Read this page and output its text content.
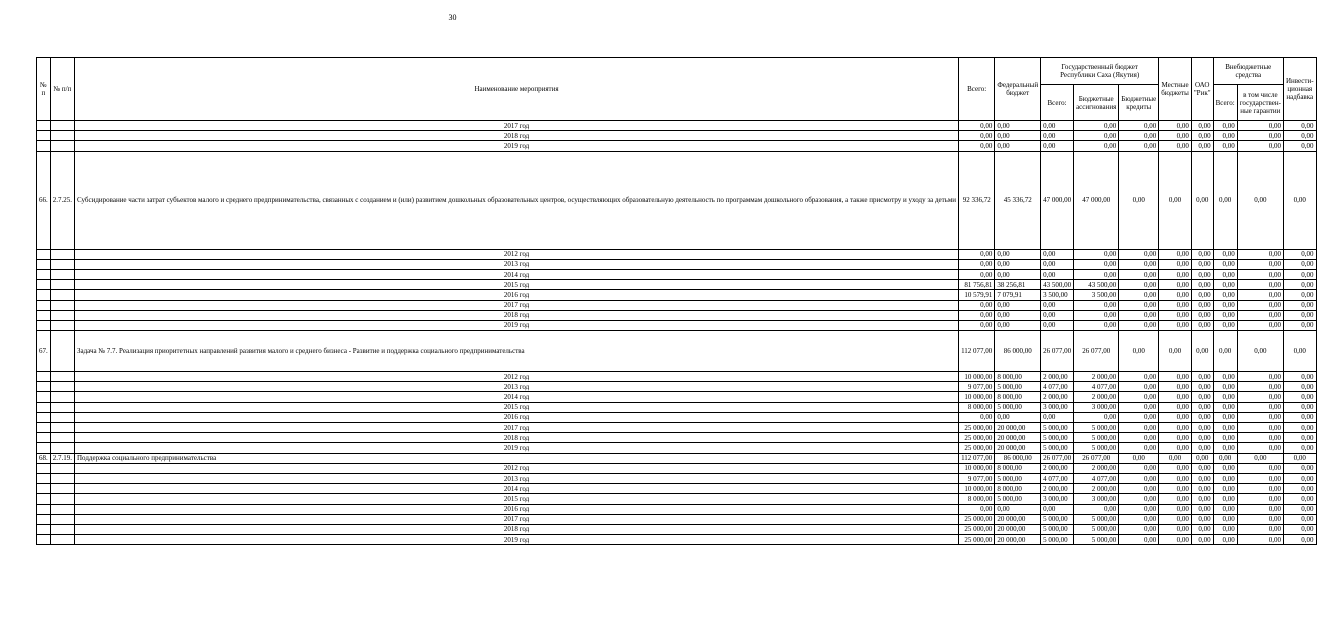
30
№ п	№ п/п	Наименование мероприятия	Всего:	Федеральный бюджет	Государственный бюджет Республики Саха (Якутия)			Местные бюджеты	ОАО "Рик"	Внебюджетные средства		Инвести-ционная надбавка
					Всего:	Бюджетные ассигнования	Бюджетные кредиты			Всего:	в том числе государствен-ные гарантии	
		2017 год	0,00	0,00	0,00	0,00	0,00	0,00	0,00	0,00	0,00	0,00
		2018 год	0,00	0,00	0,00	0,00	0,00	0,00	0,00	0,00	0,00	0,00
		2019 год	0,00	0,00	0,00	0,00	0,00	0,00	0,00	0,00	0,00	0,00
66.	2.7.25.	Субсидирование части затрат субъектов малого и среднего предпринимательства, связанных с созданием и (или) развитием дошкольных образовательных центров, осуществляющих образовательную деятельность по программам дошкольного образования, а также присмотру и уходу за детьми	92 336,72	45 336,72	47 000,00	47 000,00	0,00	0,00	0,00	0,00	0,00	0,00
		2012 год	0,00	0,00	0,00	0,00	0,00	0,00	0,00	0,00	0,00	0,00
		2013 год	0,00	0,00	0,00	0,00	0,00	0,00	0,00	0,00	0,00	0,00
		2014 год	0,00	0,00	0,00	0,00	0,00	0,00	0,00	0,00	0,00	0,00
		2015 год	81 756,81	38 256,81	43 500,00	43 500,00	0,00	0,00	0,00	0,00	0,00	0,00
		2016 год	10 579,91	7 079,91	3 500,00	3 500,00	0,00	0,00	0,00	0,00	0,00	0,00
		2017 год	0,00	0,00	0,00	0,00	0,00	0,00	0,00	0,00	0,00	0,00
		2018 год	0,00	0,00	0,00	0,00	0,00	0,00	0,00	0,00	0,00	0,00
		2019 год	0,00	0,00	0,00	0,00	0,00	0,00	0,00	0,00	0,00	0,00
67.		Задача № 7.7. Реализация приоритетных направлений развития малого и среднего бизнеса - Развитие и поддержка социального предпринимательства	112 077,00	86 000,00	26 077,00	26 077,00	0,00	0,00	0,00	0,00	0,00	0,00
		2012 год	10 000,00	8 000,00	2 000,00	2 000,00	0,00	0,00	0,00	0,00	0,00	0,00
		2013 год	9 077,00	5 000,00	4 077,00	4 077,00	0,00	0,00	0,00	0,00	0,00	0,00
		2014 год	10 000,00	8 000,00	2 000,00	2 000,00	0,00	0,00	0,00	0,00	0,00	0,00
		2015 год	8 000,00	5 000,00	3 000,00	3 000,00	0,00	0,00	0,00	0,00	0,00	0,00
		2016 год	0,00	0,00	0,00	0,00	0,00	0,00	0,00	0,00	0,00	0,00
		2017 год	25 000,00	20 000,00	5 000,00	5 000,00	0,00	0,00	0,00	0,00	0,00	0,00
		2018 год	25 000,00	20 000,00	5 000,00	5 000,00	0,00	0,00	0,00	0,00	0,00	0,00
		2019 год	25 000,00	20 000,00	5 000,00	5 000,00	0,00	0,00	0,00	0,00	0,00	0,00
68.	2.7.19.	Поддержка социального предпринимательства	112 077,00	86 000,00	26 077,00	26 077,00	0,00	0,00	0,00	0,00	0,00	0,00
		2012 год	10 000,00	8 000,00	2 000,00	2 000,00	0,00	0,00	0,00	0,00	0,00	0,00
		2013 год	9 077,00	5 000,00	4 077,00	4 077,00	0,00	0,00	0,00	0,00	0,00	0,00
		2014 год	10 000,00	8 000,00	2 000,00	2 000,00	0,00	0,00	0,00	0,00	0,00	0,00
		2015 год	8 000,00	5 000,00	3 000,00	3 000,00	0,00	0,00	0,00	0,00	0,00	0,00
		2016 год	0,00	0,00	0,00	0,00	0,00	0,00	0,00	0,00	0,00	0,00
		2017 год	25 000,00	20 000,00	5 000,00	5 000,00	0,00	0,00	0,00	0,00	0,00	0,00
		2018 год	25 000,00	20 000,00	5 000,00	5 000,00	0,00	0,00	0,00	0,00	0,00	0,00
		2019 год	25 000,00	20 000,00	5 000,00	5 000,00	0,00	0,00	0,00	0,00	0,00	0,00
